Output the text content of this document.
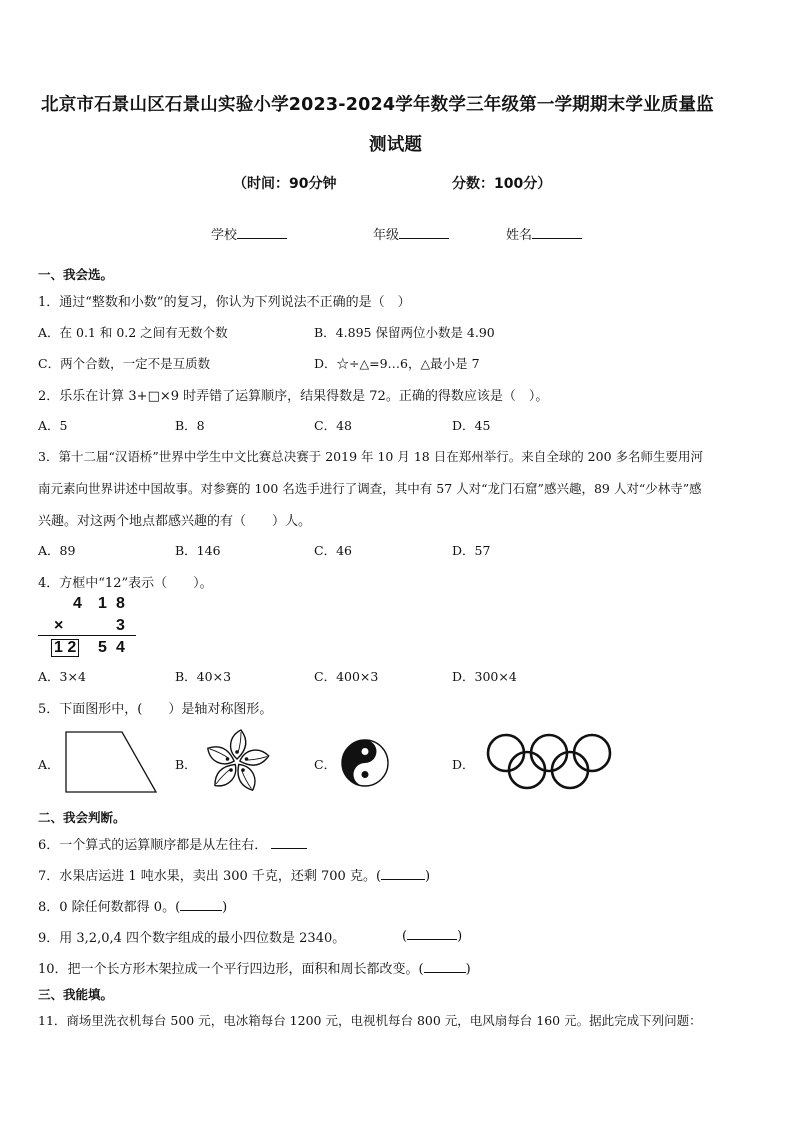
北京市石景山区石景山实验小学2023-2024学年数学三年级第一学期期末学业质量监
测试题
（时间：90分钟	分数：100分）
学校	年级	姓名
一、我会选。
1．通过“整数和小数”的复习，你认为下列说法不正确的是（　）
A．在 0.1 和 0.2 之间有无数个数	B．4.895 保留两位小数是 4.90
C．两个合数，一定不是互质数	D．☆÷△=9…6，△最小是 7
2．乐乐在计算 3+□×9 时弄错了运算顺序，结果得数是 72。正确的得数应该是（　）。
A．5	B．8	C．48	D．45
3．第十二届“汉语桥”世界中学生中文比赛总决赛于 2019 年 10 月 18 日在郑州举行。来自全球的 200 多名师生要用河
南元素向世界讲述中国故事。对参赛的 100 名选手进行了调查，其中有 57 人对“龙门石窟”感兴趣，89 人对“少林寺”感
兴趣。对这两个地点都感兴趣的有（　　）人。
A．89	B．146	C．46	D．57
4．方框中“12”表示（　　）。
4 1 8
×	3
1 2 5 4
A．3×4	B．40×3	C．400×3	D．300×4
5．下面图形中，(　　）是轴对称图形。
A．	B．	C．	D．
二、我会判断。
6．一个算式的运算顺序都是从左往右．
7．水果店运进 1 吨水果，卖出 300 千克，还剩 700 克。(	)
8．0 除任何数都得 0。(	)
9．用 3,2,0,4 四个数字组成的最小四位数是 2340。	(	)
10．把一个长方形木架拉成一个平行四边形，面积和周长都改变。(	)
三、我能填。
11．商场里洗衣机每台 500 元，电冰箱每台 1200 元，电视机每台 800 元，电风扇每台 160 元。据此完成下列问题：
